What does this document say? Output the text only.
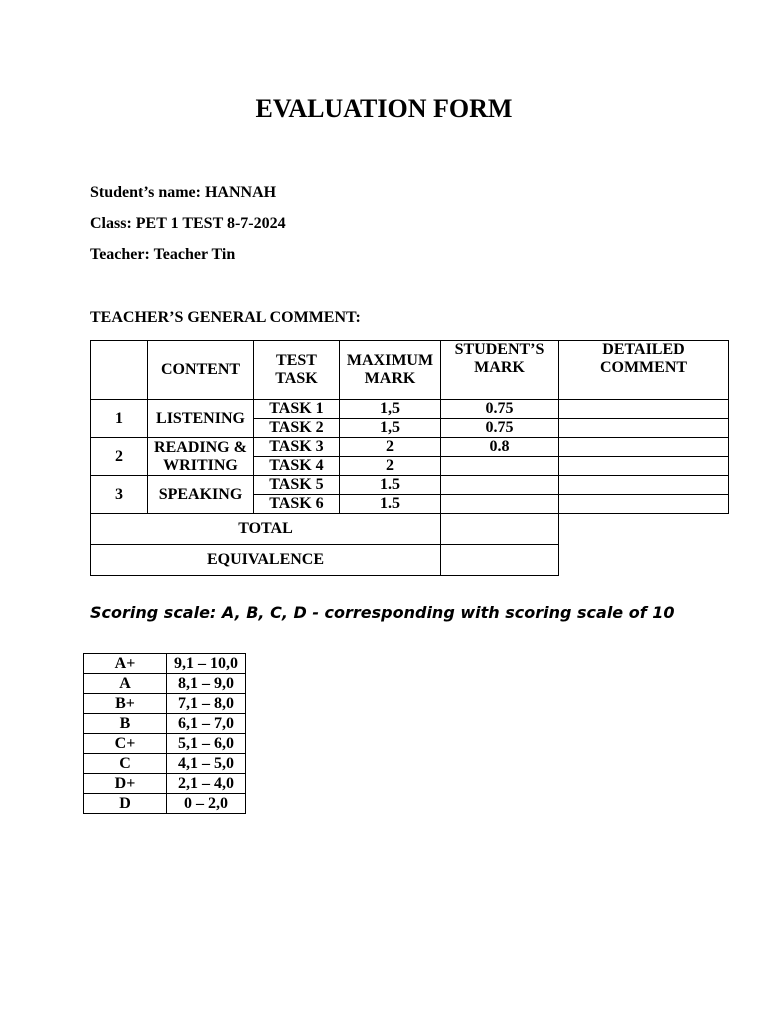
EVALUATION FORM
Student’s name: HANNAH
Class: PET 1 TEST 8-7-2024
Teacher: Teacher Tin
TEACHER’S GENERAL COMMENT:
	CONTENT	TEST TASK	MAXIMUM MARK	STUDENT’S MARK	DETAILED COMMENT
1	LISTENING	TASK 1	1,5	0.75	
		TASK 2	1,5	0.75	
2	READING & WRITING	TASK 3	2	0.8	
		TASK 4	2		
3	SPEAKING	TASK 5	1.5		
		TASK 6	1.5		
TOTAL					
EQUIVALENCE					
Scoring scale: A, B, C, D - corresponding with scoring scale of 10
A+	9,1 – 10,0
A	8,1 – 9,0
B+	7,1 – 8,0
B	6,1 – 7,0
C+	5,1 – 6,0
C	4,1 – 5,0
D+	2,1 – 4,0
D	0 – 2,0
